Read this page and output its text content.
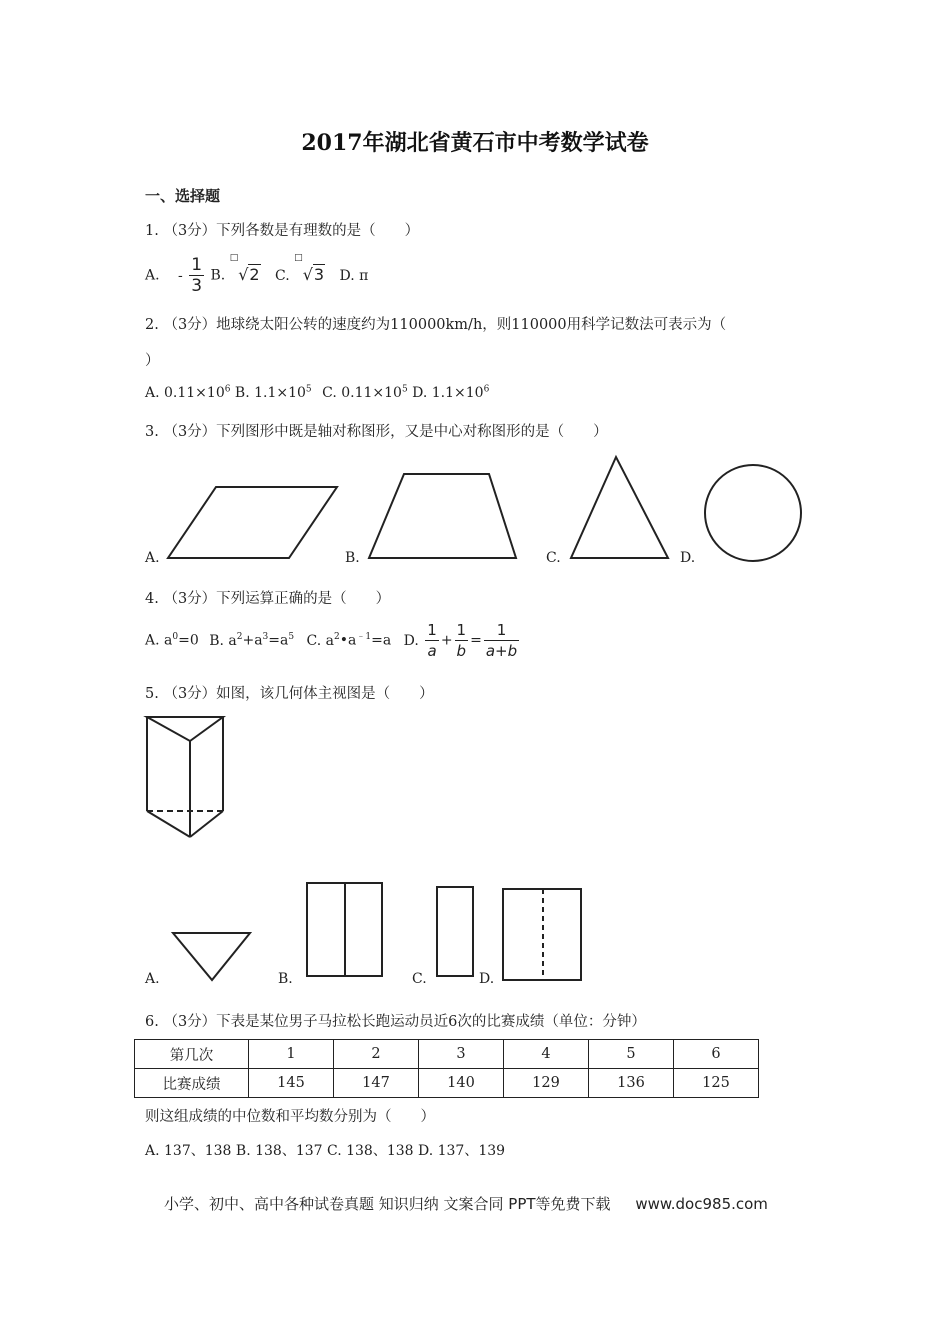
2017年湖北省黄石市中考数学试卷
一、选择题
1. （3分）下列各数是有理数的是（　　）
A. - $\frac{1}{3} B$. □√2 C. □√3 D. π
2. （3分）地球绕太阳公转的速度约为110000km/h，则110000用科学记数法可表示为（
）
A. $0.11\times 10^6$ B. $1.1\times 10^5$ C. $0.11\times 10^5$ D. $1.1\times 10^6$
3. （3分）下列图形中既是轴对称图形，又是中心对称图形的是（　　）
A.	B.	C.	D.
4. （3分）下列运算正确的是（　　）
A. $a^0=0$ B. $a^2+a^3=a^5$ C. $a^2•a^{﹣1}=a$ D. $\frac{1}{a} + \frac{1}{b} = \frac{1}{a+b}$
5. （3分）如图，该几何体主视图是（　　）
A.	B.	C.	D.
6. （3分）下表是某位男子马拉松长跑运动员近6次的比赛成绩（单位：分钟）
第几次	1	2	3	4	5	6
比赛成绩	145	147	140	129	136	125
则这组成绩的中位数和平均数分别为（　　）
A. 137、138 B. 138、137 C. 138、138 D. 137、139
小学、初中、高中各种试卷真题 知识归纳 文案合同 PPT等免费下载 www.doc985.com
